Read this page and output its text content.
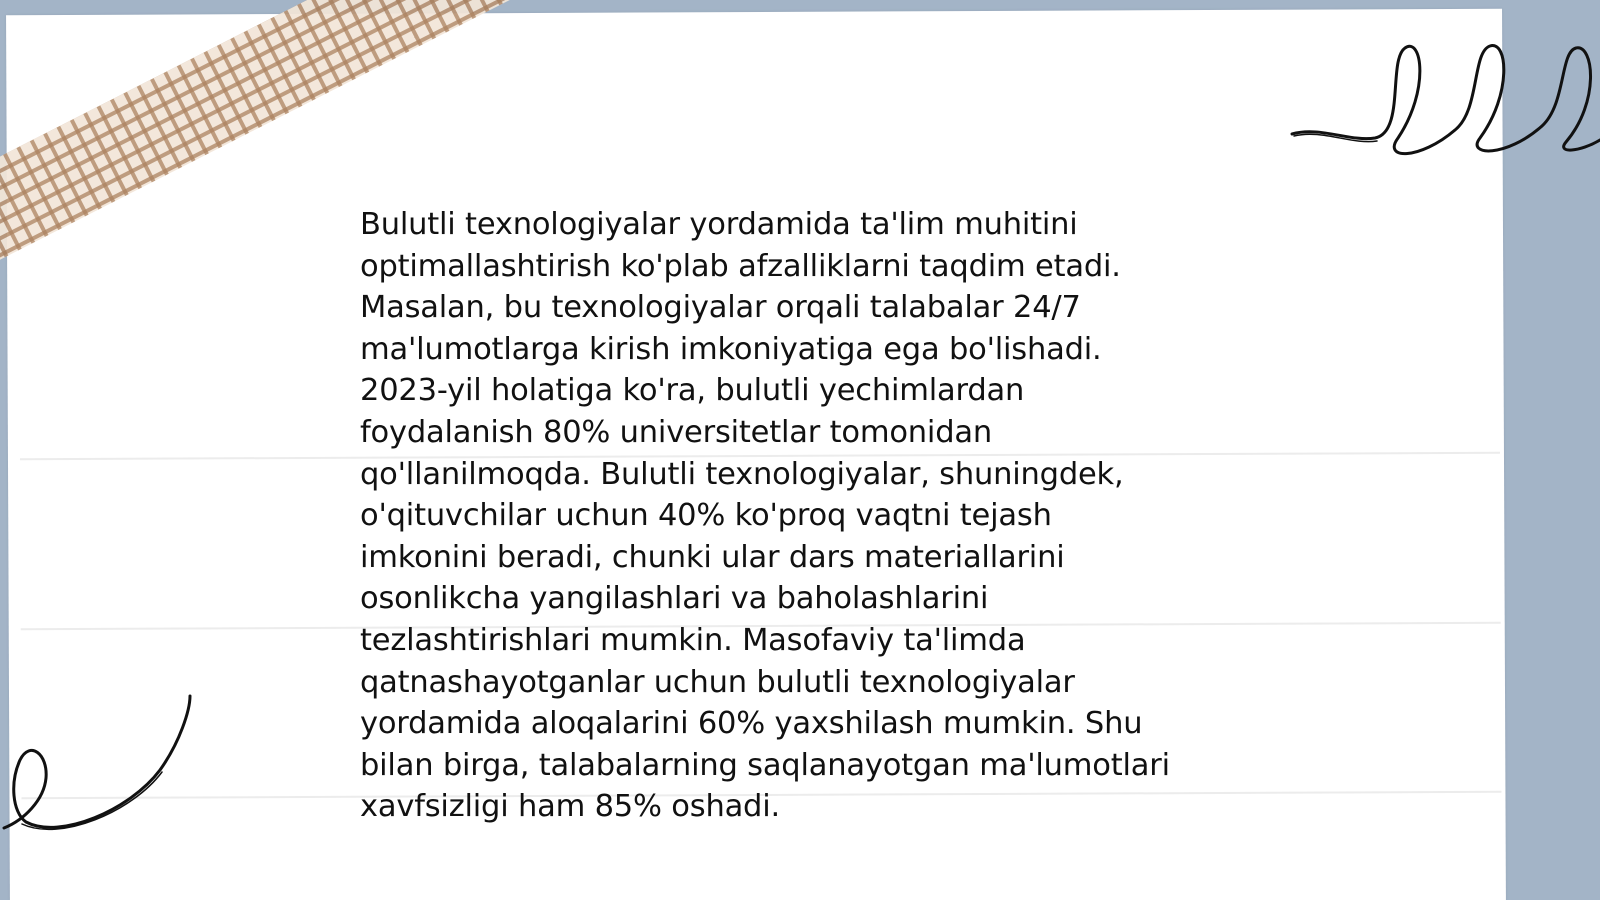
Bulutli texnologiyalar yordamida ta'lim muhitini
optimallashtirish ko'plab afzalliklarni taqdim etadi.
Masalan, bu texnologiyalar orqali talabalar 24/7
ma'lumotlarga kirish imkoniyatiga ega bo'lishadi.
2023-yil holatiga ko'ra, bulutli yechimlardan
foydalanish 80% universitetlar tomonidan
qo'llanilmoqda. Bulutli texnologiyalar, shuningdek,
o'qituvchilar uchun 40% ko'proq vaqtni tejash
imkonini beradi, chunki ular dars materiallarini
osonlikcha yangilashlari va baholashlarini
tezlashtirishlari mumkin. Masofaviy ta'limda
qatnashayotganlar uchun bulutli texnologiyalar
yordamida aloqalarini 60% yaxshilash mumkin. Shu
bilan birga, talabalarning saqlanayotgan ma'lumotlari
xavfsizligi ham 85% oshadi.
